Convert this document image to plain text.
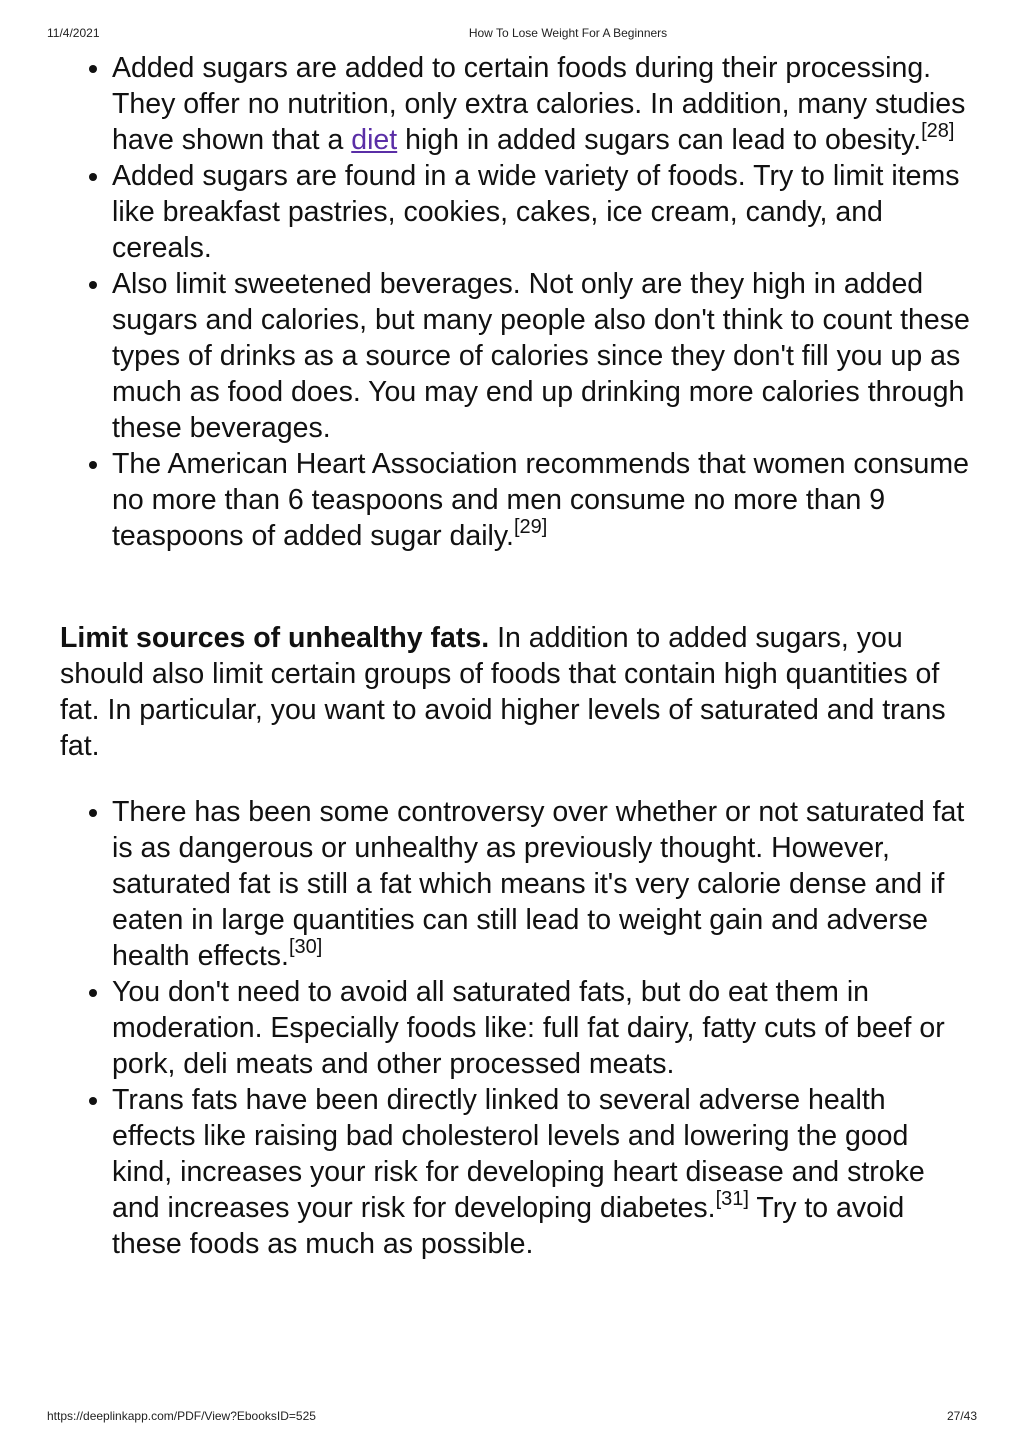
11/4/2021	How To Lose Weight For A Beginners
• Added sugars are added to certain foods during their processing. They offer no nutrition, only extra calories. In addition, many studies have shown that a diet high in added sugars can lead to obesity.[28]
• Added sugars are found in a wide variety of foods. Try to limit items like breakfast pastries, cookies, cakes, ice cream, candy, and cereals.
• Also limit sweetened beverages. Not only are they high in added sugars and calories, but many people also don't think to count these types of drinks as a source of calories since they don't fill you up as much as food does. You may end up drinking more calories through these beverages.
• The American Heart Association recommends that women consume no more than 6 teaspoons and men consume no more than 9 teaspoons of added sugar daily.[29]

Limit sources of unhealthy fats. In addition to added sugars, you should also limit certain groups of foods that contain high quantities of fat. In particular, you want to avoid higher levels of saturated and trans fat.

• There has been some controversy over whether or not saturated fat is as dangerous or unhealthy as previously thought. However, saturated fat is still a fat which means it's very calorie dense and if eaten in large quantities can still lead to weight gain and adverse health effects.[30]
• You don't need to avoid all saturated fats, but do eat them in moderation. Especially foods like: full fat dairy, fatty cuts of beef or pork, deli meats and other processed meats.
• Trans fats have been directly linked to several adverse health effects like raising bad cholesterol levels and lowering the good kind, increases your risk for developing heart disease and stroke and increases your risk for developing diabetes.[31] Try to avoid these foods as much as possible.
https://deeplinkapp.com/PDF/View?EbooksID=525	27/43
